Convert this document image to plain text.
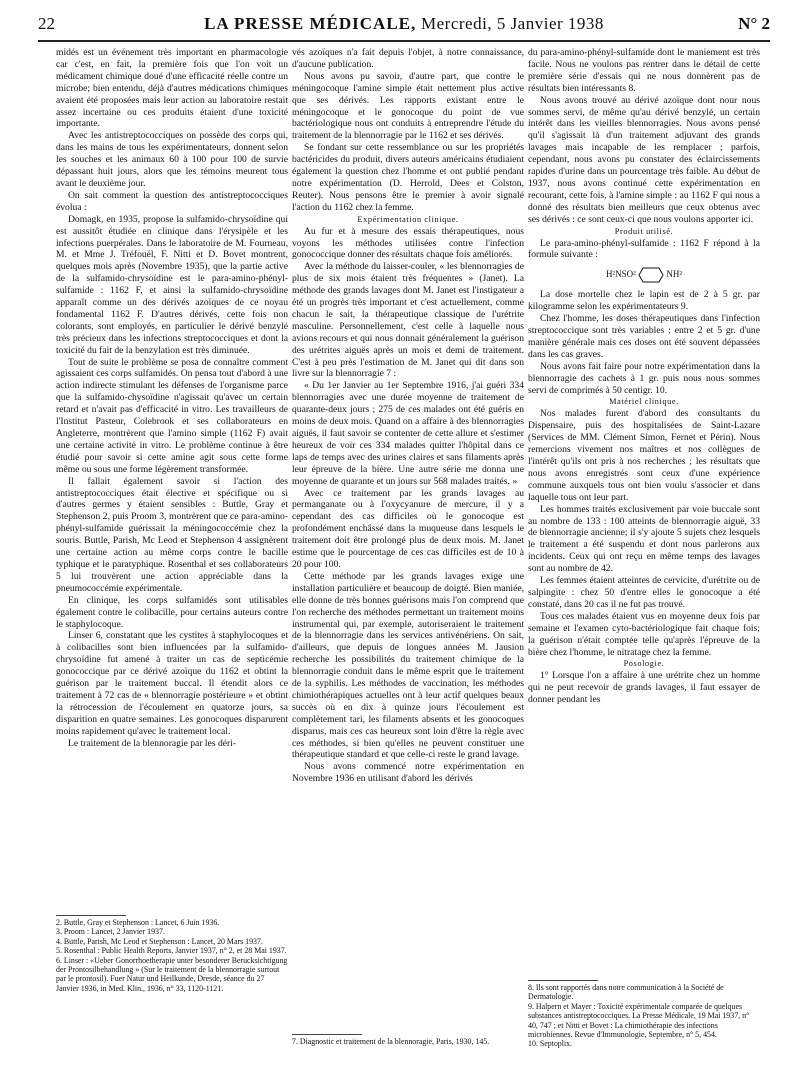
22	LA PRESSE MÉDICALE, Mercredi, 5 Janvier 1938	N° 2

midés est un événement très important en pharmacologie car c'est, en fait, la première fois que l'on voit un médicament chimique doué d'une efficacité réelle contre un microbe; bien entendu, déjà d'autres médications chimiques avaient été proposées mais leur action au laboratoire restait assez incertaine ou ces produits étaient d'une toxicité importante.

Avec les antistreptococciques on possède des corps qui, dans les mains de tous les expérimentateurs, donnent selon les souches et les animaux 60 à 100 pour 100 de survie dépassant huit jours, alors que les témoins meurent tous avant le deuxième jour.

On sait comment la question des antistreptococciques évolua :

Domagk, en 1935, propose la sulfamido-chrysoïdine qui est aussitôt étudiée en clinique dans l'érysipèle et les infections puerpérales. Dans le laboratoire de M. Fourneau, M. et Mme J. Tréfouël, F. Nitti et D. Bovet montrent, quelques mois après (Novembre 1935), que la partie active de la sulfamido-chrysoïdine est le para-amino-phényl-sulfamide : 1162 F, et ainsi la sulfamido-chrysoïdine apparaît comme un des dérivés azoïques de ce noyau fondamental 1162 F. D'autres dérivés, cette fois non colorants, sont employés, en particulier le dérivé benzylé très précieux dans les infections streptococciques et dont la toxicité du fait de la benzylation est très diminuée.

Tout de suite le problème se posa de connaître comment agissaient ces corps sulfamidés. On pensa tout d'abord à une action indirecte stimulant les défenses de l'organisme parce que la sulfamido-chysoïdine n'agissait qu'avec un certain retard et n'avait pas d'efficacité in vitro. Les travailleurs de l'Institut Pasteur, Colebrook et ses collaborateurs en Angleterre, montrèrent que l'amino simple (1162 F) avait une certaine activité in vitro. Le problème continue à être étudié pour savoir si cette amine agit sous cette forme même ou sous une forme légèrement transformée.

Il fallait également savoir si l'action des antistreptococciques était élective et spécifique ou si d'autres germes y étaient sensibles : Buttle, Gray et Stephenson 2, puis Proom 3, montrèrent que ce para-amino-phényl-sulfamide guérissait la méningococcémie chez la souris. Buttle, Parish, Mc Leod et Stephenson 4 assignèrent une certaine action au même corps contre le bacille typhique et le paratyphique. Rosenthal et ses collaborateurs 5 lui trouvèrent une action appréciable dans la pneumococcémie expérimentale.

En clinique, les corps sulfamidés sont utilisables également contre le colibacille, pour certains auteurs contre le staphylocoque.

Linser 6, constatant que les cystites à staphylocoques et à colibacilles sont bien influencées par la sulfamido-chrysoïdine fut amené à traiter un cas de septicémie gonococcique par ce dérivé azoïque du 1162 et obtint la guérison par le traitement buccal. Il étendit alors ce traitement à 72 cas de « blennorragie postérieure » et obtint la rétrocession de l'écoulement en quatorze jours, sa disparition en quatre semaines. Les gonocoques disparurent moins rapidement qu'avec le traitement local.

Le traitement de la blennoragie par les déri-

2. Buttle, Gray et Stephenson : Lancet, 6 Juin 1936.

3. Proom : Lancet, 2 Janvier 1937.

4. Buttle, Parish, Mc Leod et Stephenson : Lancet, 20 Mars 1937.

5. Rosenthal : Public Health Reports, Janvier 1937, n° 2, et 28 Mai 1937.

6. Linser : «Ueber Gonorrhoetherapie unter besonderer Berucksichtigung der Prontosilbehandlung » (Sur le traitement de la blennorragie surtout par le prontosil). Fuer Natur und Heilkunde, Dresde, séance du 27 Janvier 1936, in Med. Klin., 1936, n° 33, 1120-1121.

vés azoïques n'a fait depuis l'objet, à notre connaissance, d'aucune publication.

Nous avons pu savoir, d'autre part, que contre le méningocoque l'amine simple était nettement plus active que ses dérivés. Les rapports existant entre le méningocoque et le gonocoque du point de vue bactériologique nous ont conduits à entreprendre l'étude du traitement de la blennorragie par le 1162 et ses dérivés.

Se fondant sur cette ressemblance ou sur les propriétés bactéricides du produit, divers auteurs américains étudiaient également la question chez l'homme et ont publié pendant notre expérimentation (D. Herrold, Dees et Colston, Reuter). Nous pensons être le premier à avoir signalé l'action du 1162 chez la femme.

Expérimentation clinique.

Au fur et à mesure des essais thérapeutiques, nous voyons les méthodes utilisées contre l'infection gonococcique donner des résultats chaque fois améliorés.

Avec la méthode du laisser-couler, « les blennorragies de plus de six mois étaient très fréquentes » (Janet). La méthode des grands lavages dont M. Janet est l'instigateur a été un progrès très important et c'est actuellement, comme chacun le sait, la thérapeutique classique de l'urétrite masculine. Personnellement, c'est celle à laquelle nous avions recours et qui nous donnait généralement la guérison des urétrites aiguës après un mois et demi de traitement. C'est à peu près l'estimation de M. Janet qui dit dans son livre sur la blennorragie 7 :

« Du 1er Janvier au 1er Septembre 1916, j'ai guéri 334 blennorragies avec une durée moyenne de traitement de quarante-deux jours ; 275 de ces malades ont été guéris en moins de deux mois. Quand on a affaire à des blennorragies aiguës, il faut savoir se contenter de cette allure et s'estimer heureux de voir ces 334 malades quitter l'hôpital dans ce laps de temps avec des urines claires et sans filaments après leur épreuve de la bière. Une autre série me donna une moyenne de quarante et un jours sur 568 malades traités. »

Avec ce traitement par les grands lavages au permanganate ou à l'oxycyanure de mercure, il y a cependant des cas difficiles où le gonocoque est profondément enchâssé dans la muqueuse dans lesquels le traitement doit être prolongé plus de deux mois. M. Janet estime que le pourcentage de ces cas difficiles est de 10 à 20 pour 100.

Cette méthode par les grands lavages exige une installation particulière et beaucoup de doigté. Bien maniée, elle donne de très bonnes guérisons mais l'on comprend que l'on recherche des méthodes permettant un traitement moins instrumental qui, par exemple, autoriseraient le traitement de la blennorragie dans les services antivénériens. On sait, d'ailleurs, que depuis de longues années M. Jausion recherche les possibilités du traitement chimique de la blennorragie conduit dans le même esprit que le traitement de la syphilis. Les méthodes de vaccination, les méthodes chimiothérapiques actuelles ont à leur actif quelques beaux succès où en dix à quinze jours l'écoulement est complètement tari, les filaments absents et les gonocoques disparus, mais ces cas heureux sont loin d'être la règle avec ces méthodes, si bien qu'elles ne peuvent constituer une thérapeutique standard et que celle-ci reste le grand lavage.

Nous avons commencé notre expérimentation en Novembre 1936 en utilisant d'abord les dérivés

7. Diagnostic et traitement de la blennoragie, Paris, 1930, 145.

du para-amino-phényl-sulfamide dont le maniement est très facile. Nous ne voulons pas rentrer dans le détail de cette première série d'essais qui ne nous donnèrent pas de résultats bien intéressants 8.

Nous avons trouvé au dérivé azoïque dont nour nous sommes servi, de même qu'au dérivé benzylé, un certain intérêt dans les vieilles blennorragies. Nous avons pensé qu'il s'agissait là d'un traitement adjuvant des grands lavages mais incapable de les remplacer ; parfois, cependant, nous avons pu constater des éclaircissements rapides d'urine dans un pourcentage très faible. Au début de 1937, nous avons continué cette expérimentation en recourant, cette fois, à l'amine simple : au 1162 F qui nous a donné des résultats bien meilleurs que ceux obtenus avec ses dérivés : ce sont ceux-ci que nous voulons apporter ici.

Produit utilisé.

Le para-amino-phényl-sulfamide : 1162 F répond à la formule suivante :

H²NSO²	NH²

La dose mortelle chez le lapin est de 2 à 5 gr. par kilogramme selon les expérimentateurs 9.

Chez l'homme, les doses thérapeutiques dans l'infection streptococcique sont très variables : entre 2 et 5 gr. d'une manière générale mais ces doses ont été souvent dépassées dans les cas graves.

Nous avons fait faire pour notre expérimentation dans la blennorragie des cachets à 1 gr. puis nous nous sommes servi de comprimés à 50 centigr. 10.

Matériel clinique.

Nos malades furent d'abord des consultants du Dispensaire, puis des hospitalisées de Saint-Lazare (Services de MM. Clément Simon, Fernet et Périn). Nous remercions vivement nos maîtres et nos collègues de l'intérêt qu'ils ont pris à nos recherches ; les résultats que nous avons enregistrés sont ceux d'une expérience commune auxquels tous ont bien voulu s'associer et dans laquelle tous ont leur part.

Les hommes traités exclusivement par voie buccale sont au nombre de 133 : 100 atteints de blennorragie aiguë, 33 de blennorragie ancienne; il s'y ajoute 5 sujets chez lesquels le traitement a été suspendu et dont nous parlerons aux incidents. Ceux qui ont reçu en même temps des lavages sont au nombre de 42.

Les femmes étaient atteintes de cervicite, d'urétrite ou de salpingite : chez 50 d'entre elles le gonocoque a été constaté, dans 20 cas il ne fut pas trouvé.

Tous ces malades étaient vus en moyenne deux fois par semaine et l'examen cyto-bactériologique fait chaque fois; la guérison n'était comptée telle qu'après l'épreuve de la bière chez l'homme, le nitratage chez la femme.

Posologie.

1° Lorsque l'on a affaire à une urétrite chez un homme qui ne peut recevoir de grands lavages, il faut essayer de donner pendant les

8. Ils sont rapportés dans notre communication à la Société de Dermatologie.

9. Halpern et Mayer : Toxicité expérimentale comparée de quelques substances antistreptococciques. La Presse Médicale, 19 Mai 1937, n° 40, 747 ; et Nitti et Bovet : La chimiothérapie des infections microbiennes. Revue d'Immunologie, Septembre, n° 5, 454.

10. Septoplix.
